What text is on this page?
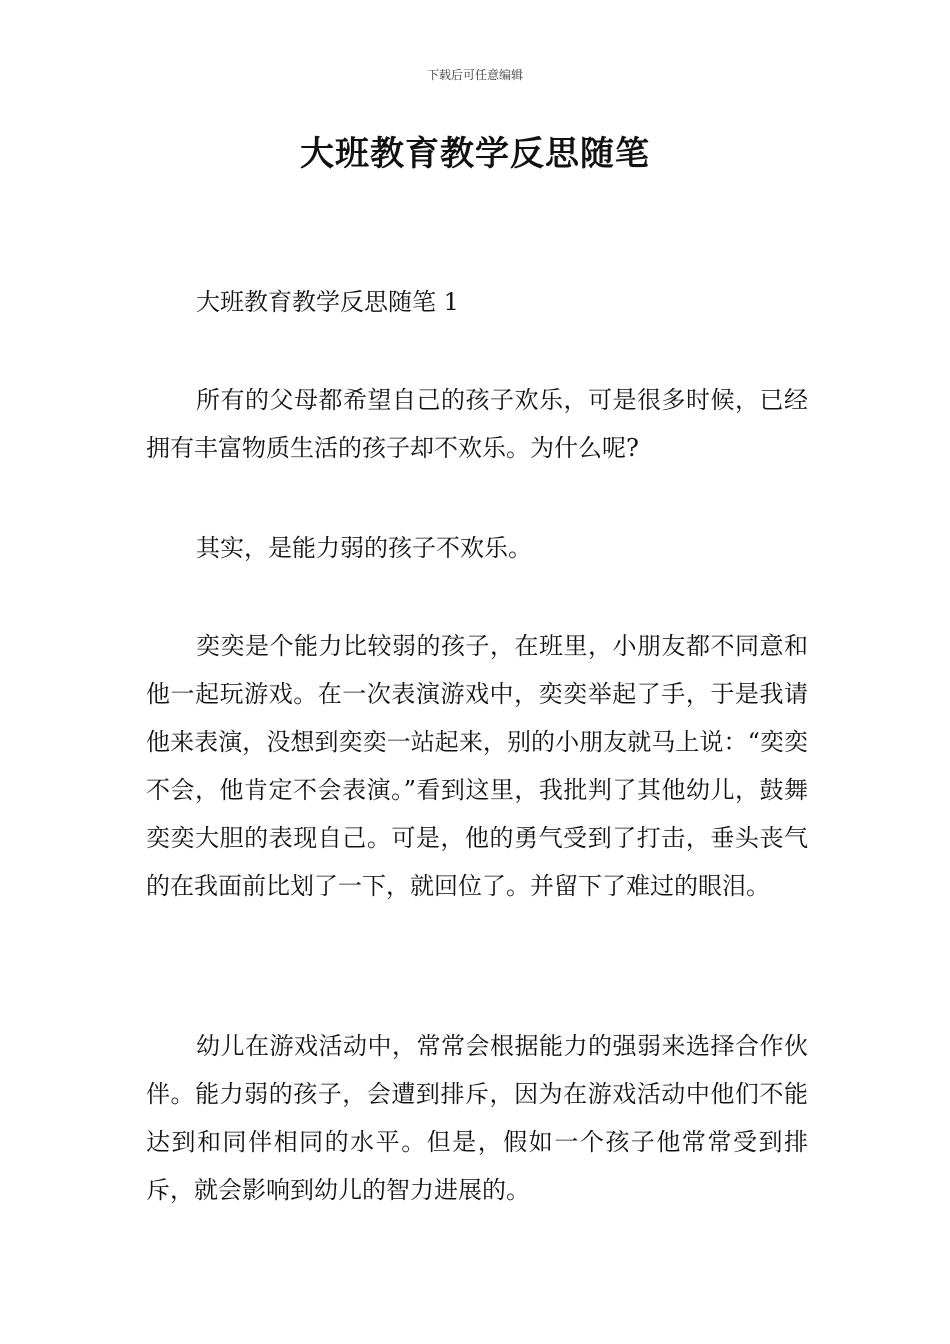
下载后可任意编辑
大班教育教学反思随笔
大班教育教学反思随笔 1
所有的父母都希望自己的孩子欢乐，可是很多时候，已经拥有丰富物质生活的孩子却不欢乐。为什么呢?
其实，是能力弱的孩子不欢乐。
奕奕是个能力比较弱的孩子，在班里，小朋友都不同意和他一起玩游戏。在一次表演游戏中，奕奕举起了手，于是我请他来表演，没想到奕奕一站起来，别的小朋友就马上说：“奕奕不会，他肯定不会表演。”看到这里，我批判了其他幼儿，鼓舞奕奕大胆的表现自己。可是，他的勇气受到了打击，垂头丧气的在我面前比划了一下，就回位了。并留下了难过的眼泪。
幼儿在游戏活动中，常常会根据能力的强弱来选择合作伙伴。能力弱的孩子，会遭到排斥，因为在游戏活动中他们不能达到和同伴相同的水平。但是，假如一个孩子他常常受到排斥，就会影响到幼儿的智力进展的。
